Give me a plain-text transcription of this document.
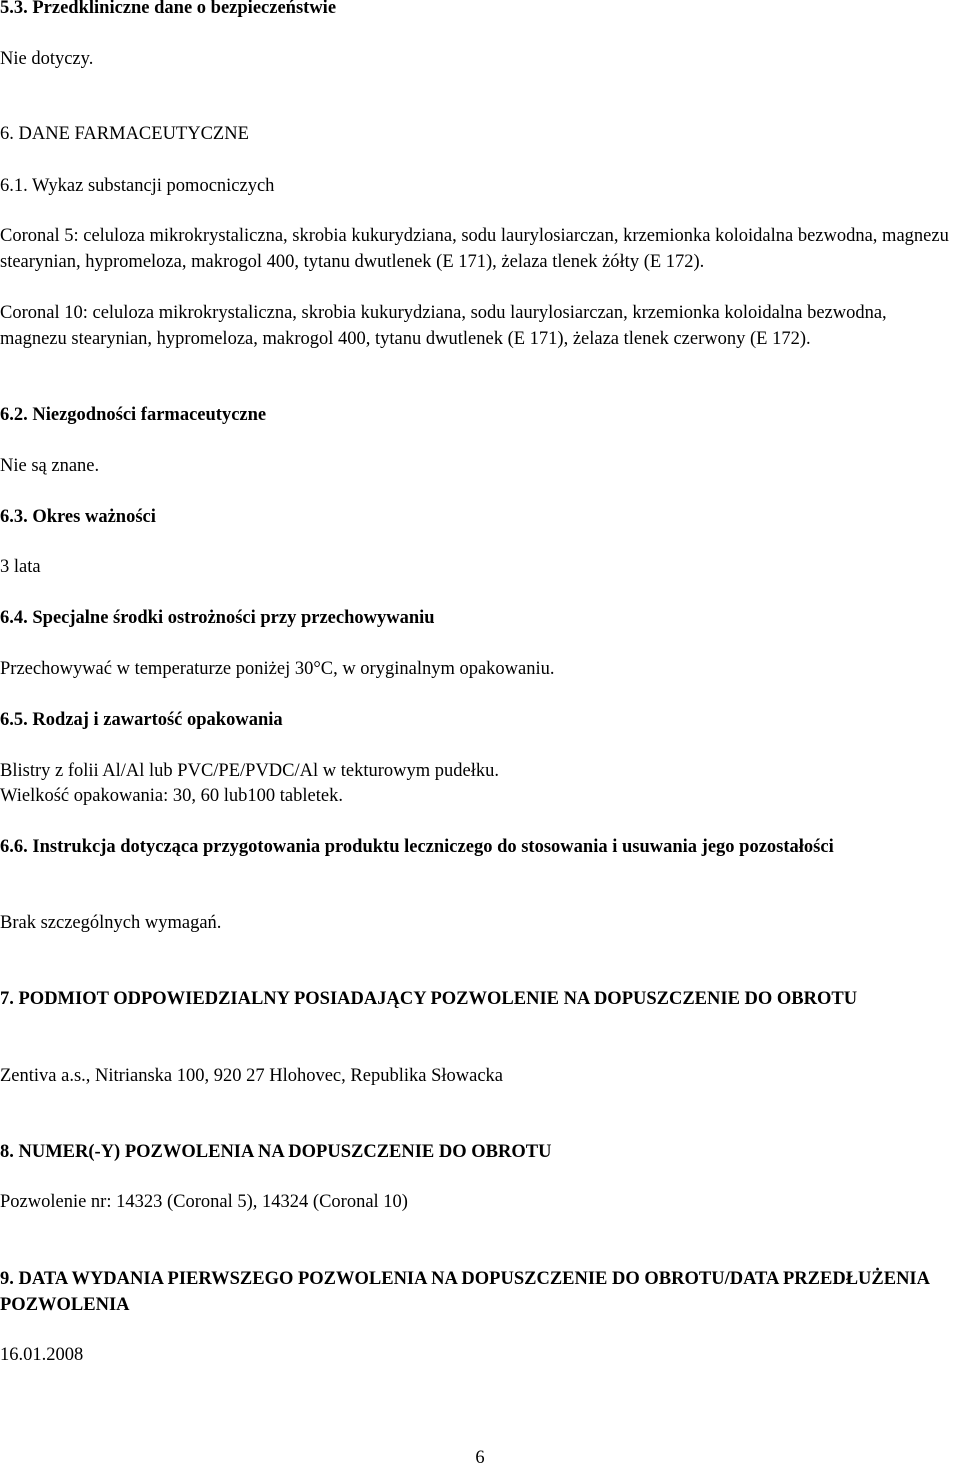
5.3. Przedkliniczne dane o bezpieczeństwie

Nie dotyczy.

6. DANE FARMACEUTYCZNE

6.1. Wykaz substancji pomocniczych

Coronal 5: celuloza mikrokrystaliczna, skrobia kukurydziana, sodu laurylosiarczan, krzemionka koloidalna bezwodna, magnezu stearynian, hypromeloza, makrogol 400, tytanu dwutlenek (E 171), żelaza tlenek żółty (E 172).

Coronal 10: celuloza mikrokrystaliczna, skrobia kukurydziana, sodu laurylosiarczan, krzemionka koloidalna bezwodna, magnezu stearynian, hypromeloza, makrogol 400, tytanu dwutlenek (E 171), żelaza tlenek czerwony (E 172).

6.2. Niezgodności farmaceutyczne

Nie są znane.

6.3. Okres ważności

3 lata

6.4. Specjalne środki ostrożności przy przechowywaniu

Przechowywać w temperaturze poniżej 30°C, w oryginalnym opakowaniu.

6.5. Rodzaj i zawartość opakowania

Blistry z folii Al/Al lub PVC/PE/PVDC/Al w tekturowym pudełku.

Wielkość opakowania: 30, 60 lub100 tabletek.

6.6. Instrukcja dotycząca przygotowania produktu leczniczego do stosowania i usuwania jego pozostałości

Brak szczególnych wymagań.

7. PODMIOT ODPOWIEDZIALNY POSIADAJĄCY POZWOLENIE NA DOPUSZCZENIE DO OBROTU

Zentiva a.s., Nitrianska 100, 920 27 Hlohovec, Republika Słowacka

8. NUMER(-Y) POZWOLENIA NA DOPUSZCZENIE DO OBROTU

Pozwolenie nr: 14323 (Coronal 5), 14324 (Coronal 10)

9. DATA WYDANIA PIERWSZEGO POZWOLENIA NA DOPUSZCZENIE DO OBROTU/DATA PRZEDŁUŻENIA POZWOLENIA

16.01.2008

6
